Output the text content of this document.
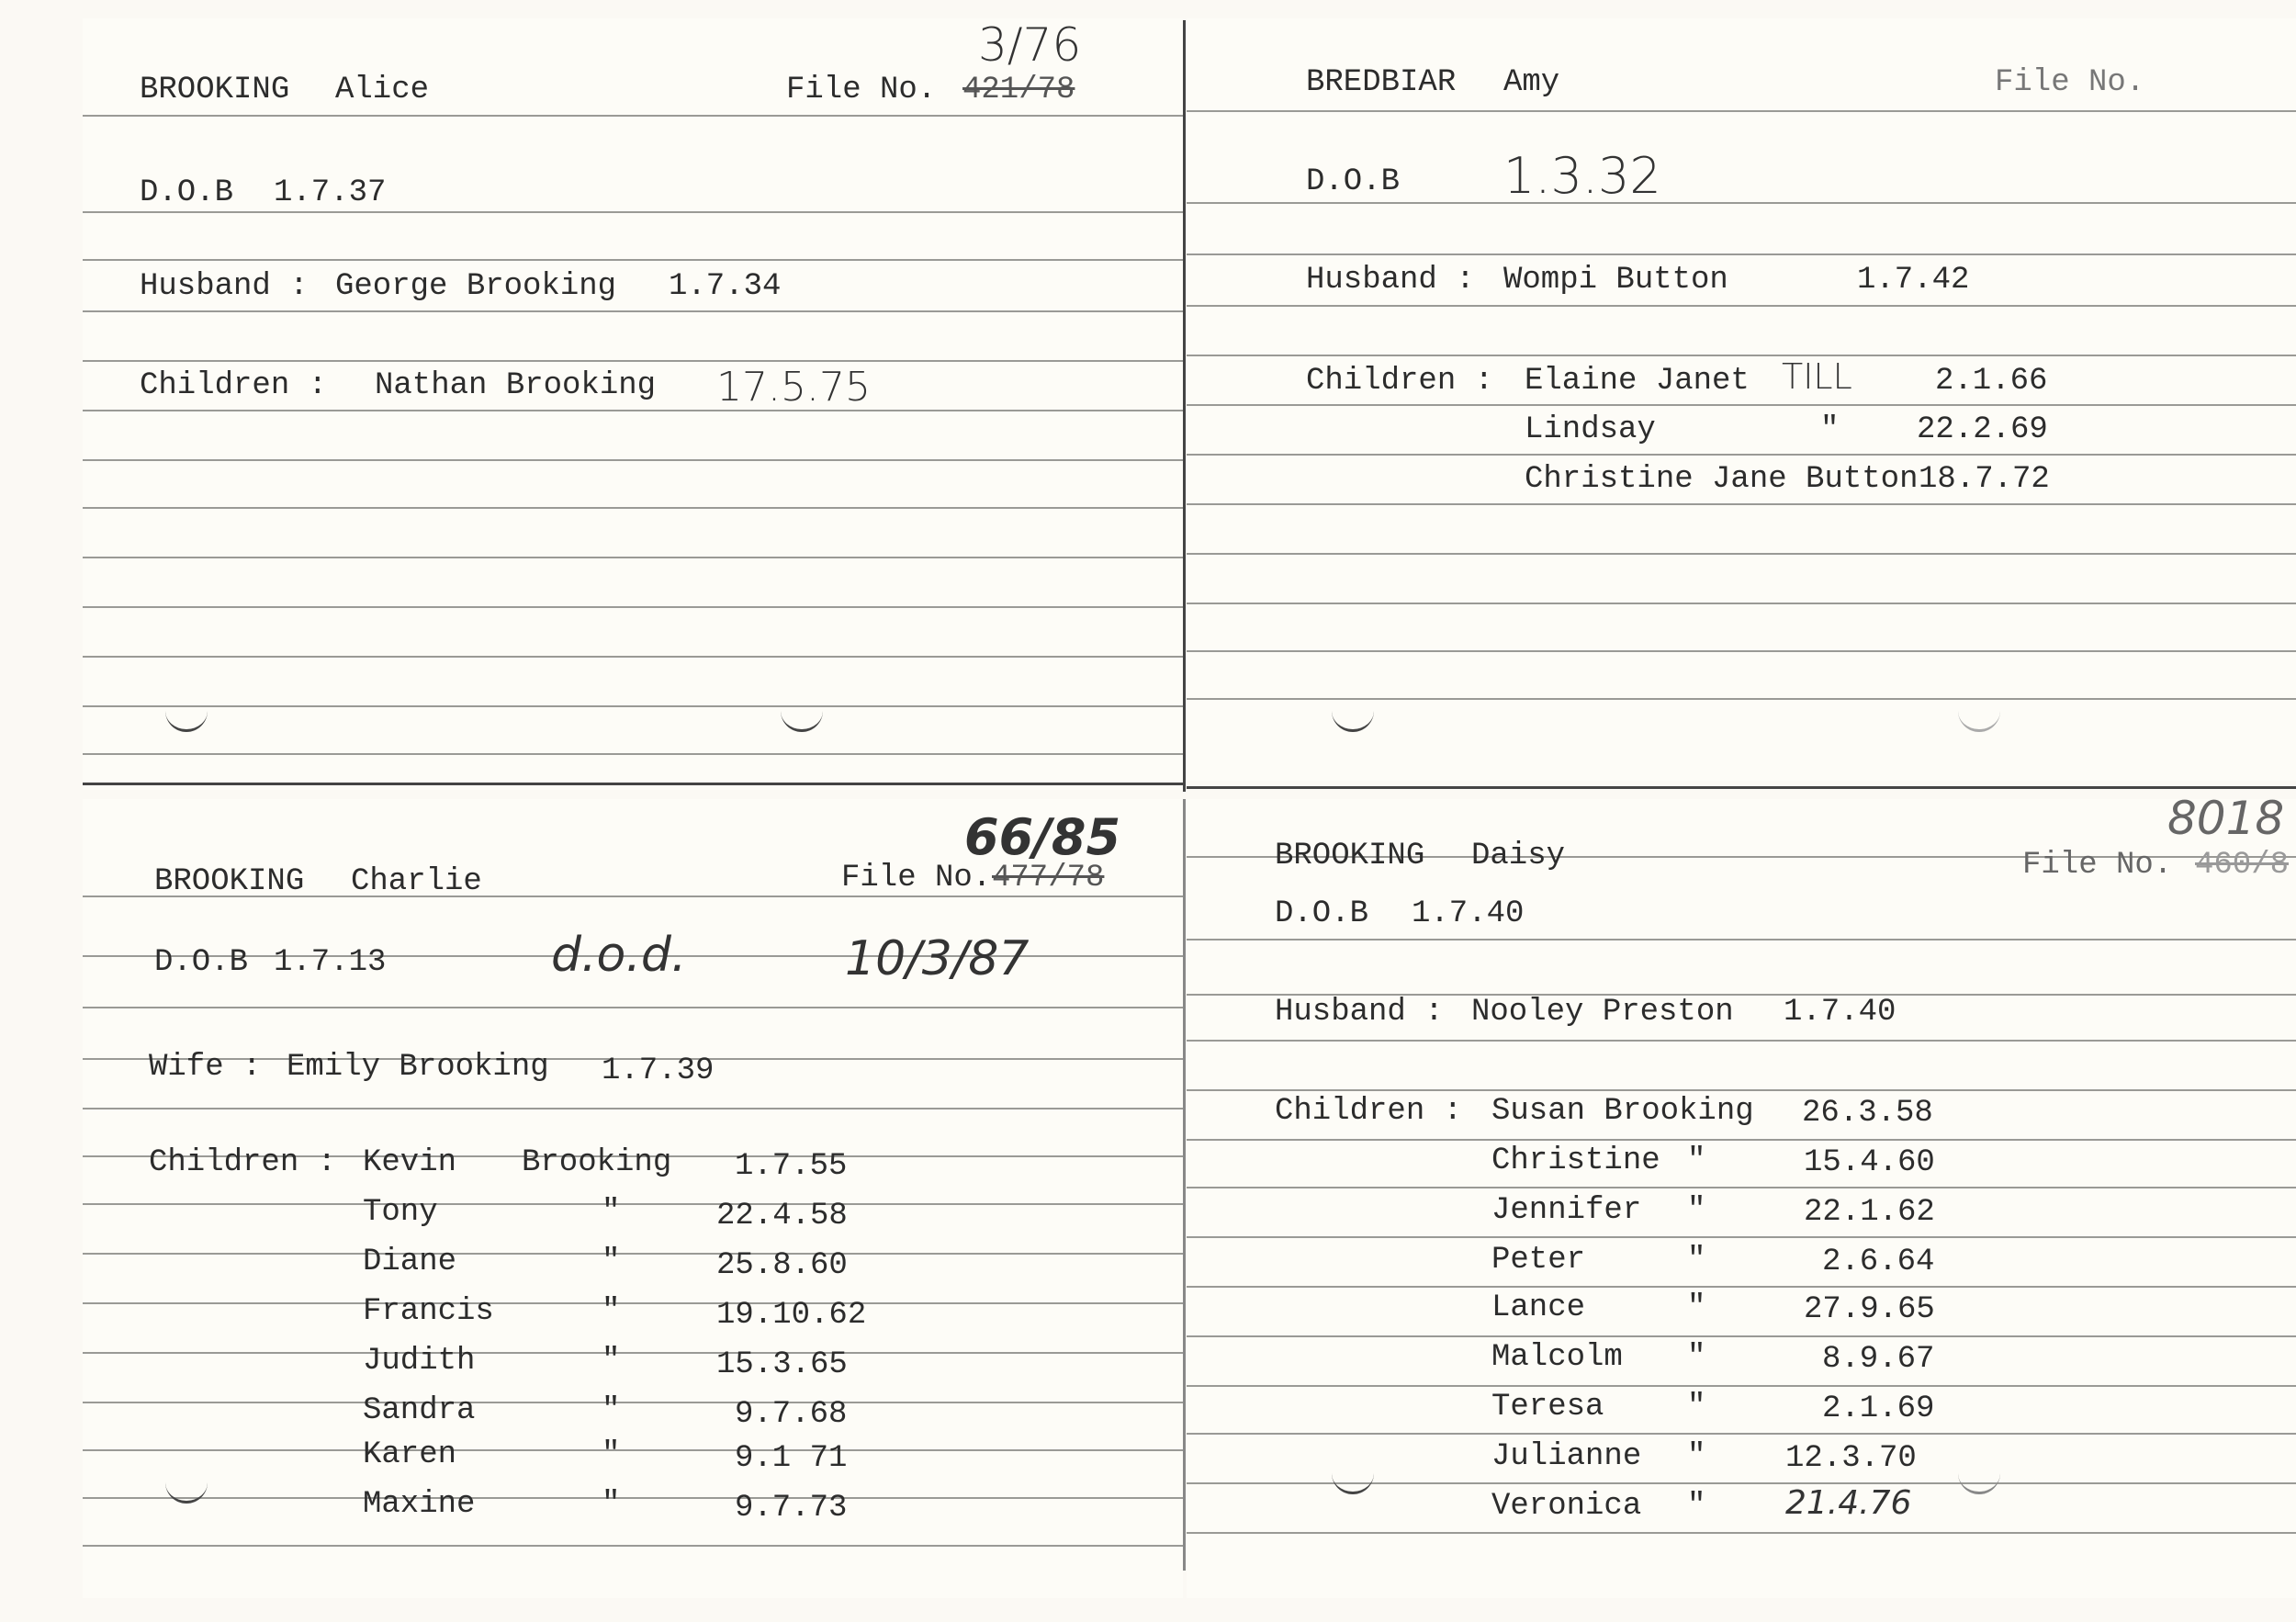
BROOKING Alice	File No. 421/78
3/76
D.O.B 1.7.37
Husband : George Brooking 1.7.34
Children : Nathan Brooking 17.5.75
BREDBIAR Amy	File No.
D.O.B 1.3.32
Husband : Wompi Button	1.7.42
Children : Elaine Janet TILL	2.1.66
Lindsay	" 22.2.69
Christine Jane Button 18.7.72
BROOKING Charlie	File No. 477/78
66/85
D.O.B 1.7.13	d.o.d.	10/3/87
Wife : Emily Brooking 1.7.39
Children : Kevin Brooking 1.7.55
Tony	"	22.4.58
Diane	"	25.8.60
Francis	"	19.10.62
Judith	"	15.3.65
Sandra	"	9.7.68
Karen	"	9.1 71
Maxine	"	9.7.73
BROOKING Daisy	File No. 460/8
8018
D.O.B 1.7.40
Husband : Nooley Preston 1.7.40
Children : Susan Brooking 26.3.58
Christine "	15.4.60
Jennifer "	22.1.62
Peter	"	2.6.64
Lance	"	27.9.65
Malcolm "	8.9.67
Teresa	"	2.1.69
Julianne "	12.3.70
Veronica " 21.4.76
